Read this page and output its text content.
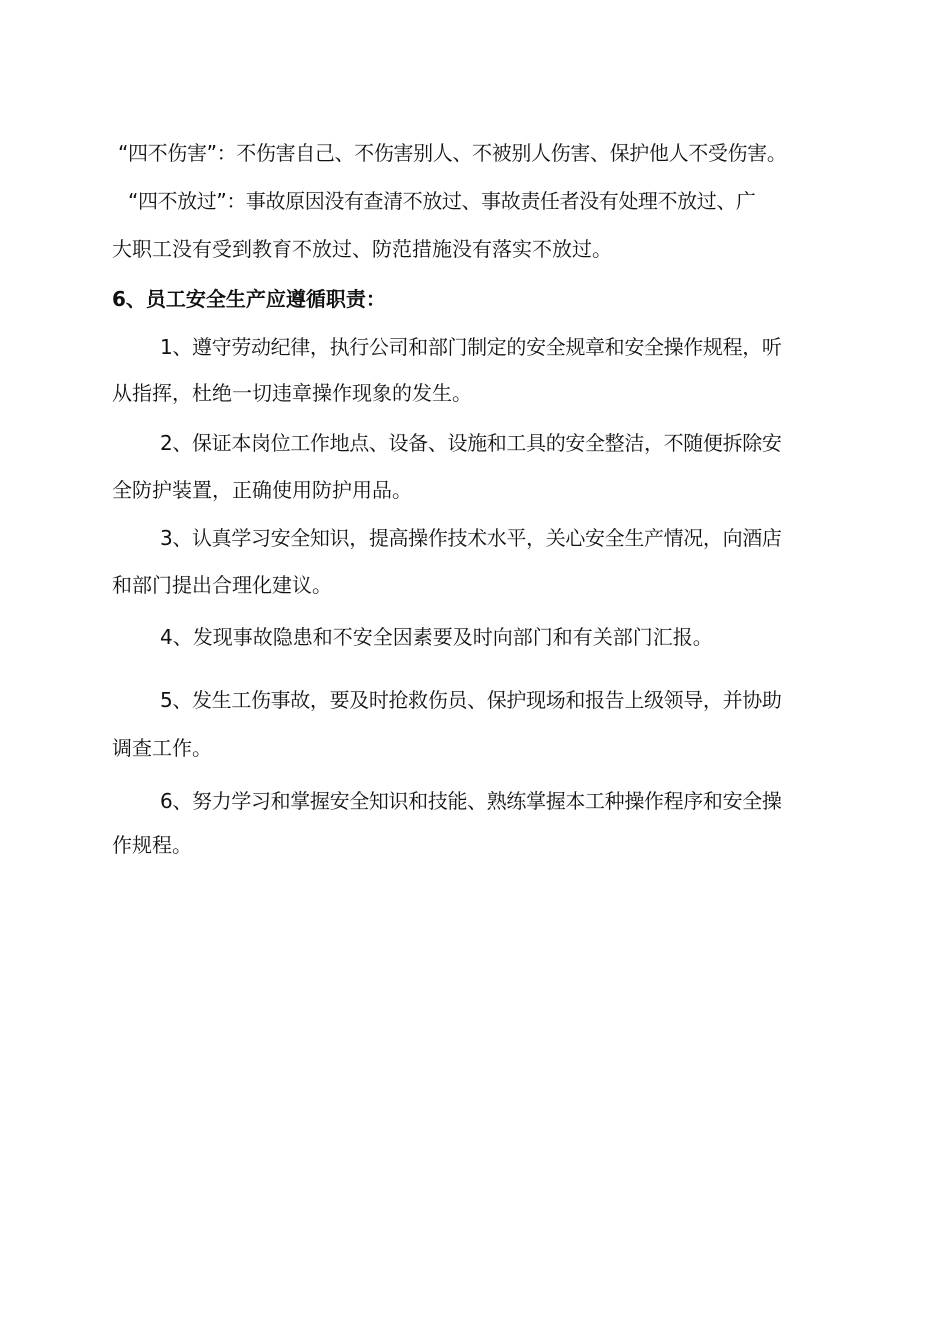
“四不伤害”：不伤害自己、不伤害别人、不被别人伤害、保护他人不受伤害。
“四不放过”：事故原因没有查清不放过、事故责任者没有处理不放过、广
大职工没有受到教育不放过、防范措施没有落实不放过。
6、员工安全生产应遵循职责：
1、遵守劳动纪律，执行公司和部门制定的安全规章和安全操作规程，听
从指挥，杜绝一切违章操作现象的发生。
2、保证本岗位工作地点、设备、设施和工具的安全整洁，不随便拆除安
全防护装置，正确使用防护用品。
3、认真学习安全知识，提高操作技术水平，关心安全生产情况，向酒店
和部门提出合理化建议。
4、发现事故隐患和不安全因素要及时向部门和有关部门汇报。
5、发生工伤事故，要及时抢救伤员、保护现场和报告上级领导，并协助
调查工作。
6、努力学习和掌握安全知识和技能、熟练掌握本工种操作程序和安全操
作规程。
